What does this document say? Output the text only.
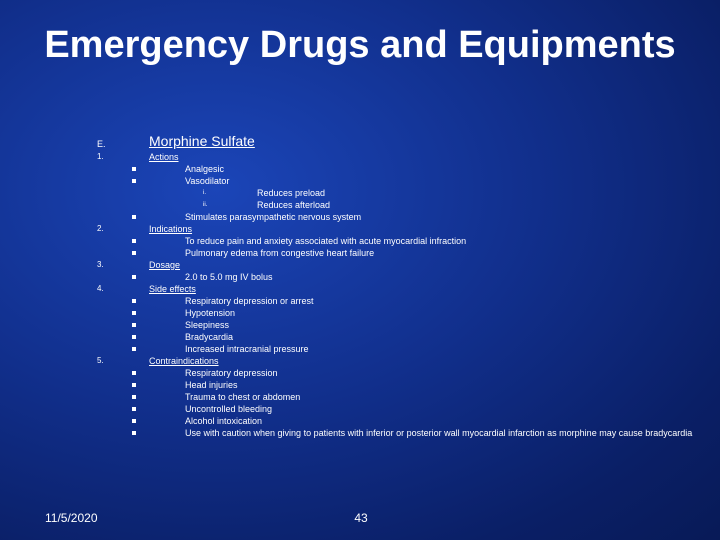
Emergency Drugs and Equipments
E.	Morphine Sulfate
1.	Actions
Analgesic
Vasodilator
i.	Reduces preload
ii.	Reduces afterload
Stimulates parasympathetic nervous system
2.	Indications
To reduce pain and anxiety associated with acute myocardial infraction
Pulmonary edema from congestive heart failure
3.	Dosage
2.0 to 5.0 mg IV bolus
4.	Side effects
Respiratory depression or arrest
Hypotension
Sleepiness
Bradycardia
Increased intracranial pressure
5.	Contraindications
Respiratory depression
Head injuries
Trauma to chest or abdomen
Uncontrolled bleeding
Alcohol intoxication
Use with caution when giving to patients with inferior or posterior wall myocardial infarction as morphine may cause bradycardia
11/5/2020	43
